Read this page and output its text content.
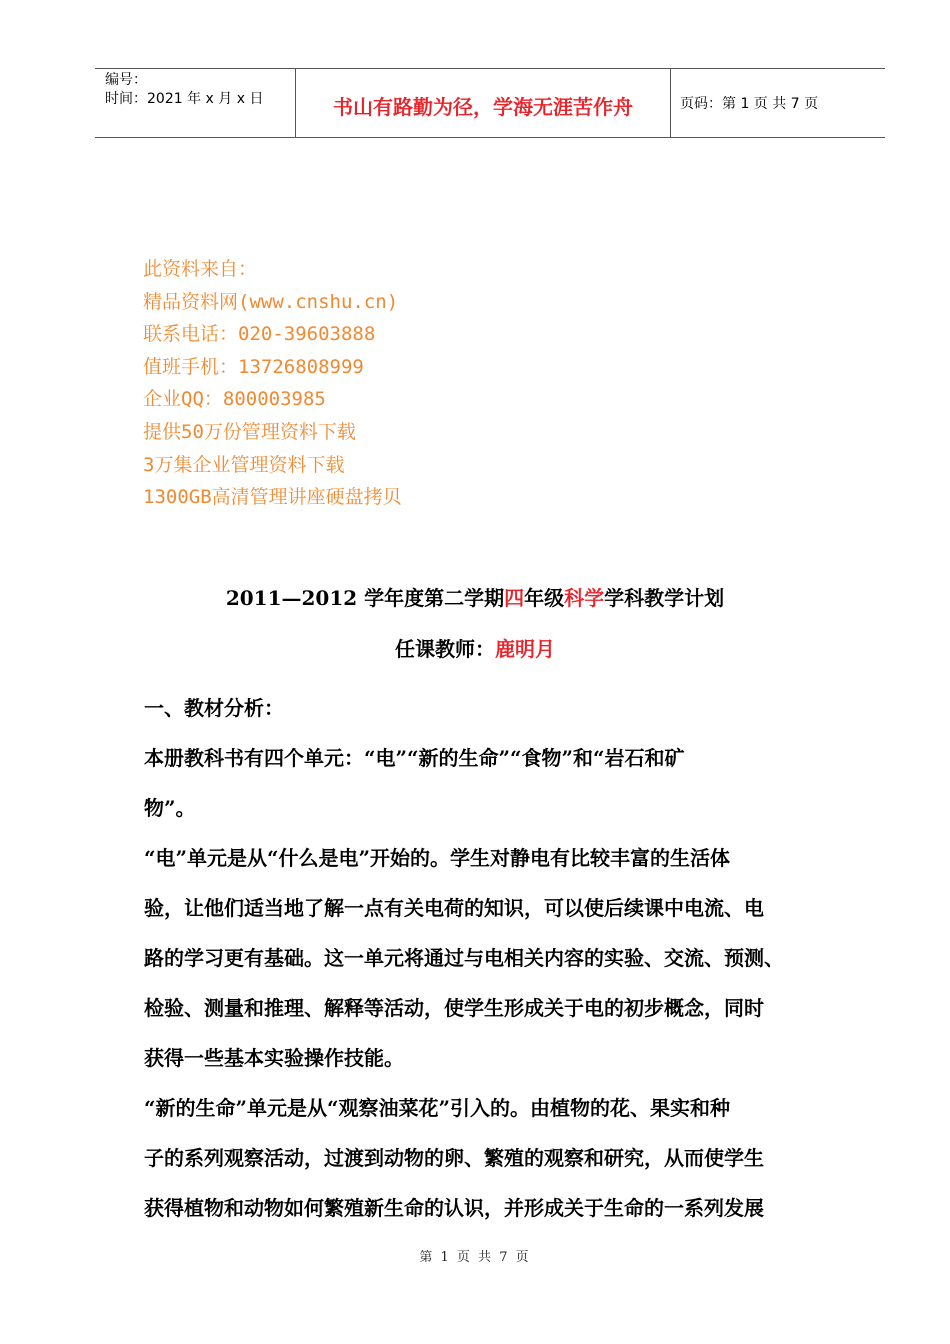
编号：
时间：2021 年 x 月 x 日	书山有路勤为径，学海无涯苦作舟	页码：第 1 页 共 7 页
此资料来自：
精品资料网(www.cnshu.cn)
联系电话：020-39603888
值班手机：13726808999
企业QQ：800003985
提供50万份管理资料下载
3万集企业管理资料下载
1300GB高清管理讲座硬盘拷贝
2011—2012 学年度第二学期四年级科学学科教学计划
任课教师：鹿明月
一、教材分析：
本册教科书有四个单元：“电”“新的生命”“食物”和“岩石和矿
物”。
“电”单元是从“什么是电”开始的。学生对静电有比较丰富的生活体
验，让他们适当地了解一点有关电荷的知识，可以使后续课中电流、电
路的学习更有基础。这一单元将通过与电相关内容的实验、交流、预测、
检验、测量和推理、解释等活动，使学生形成关于电的初步概念，同时
获得一些基本实验操作技能。
“新的生命”单元是从“观察油菜花”引入的。由植物的花、果实和种
子的系列观察活动，过渡到动物的卵、繁殖的观察和研究，从而使学生
获得植物和动物如何繁殖新生命的认识，并形成关于生命的一系列发展
第 1 页 共 7 页
